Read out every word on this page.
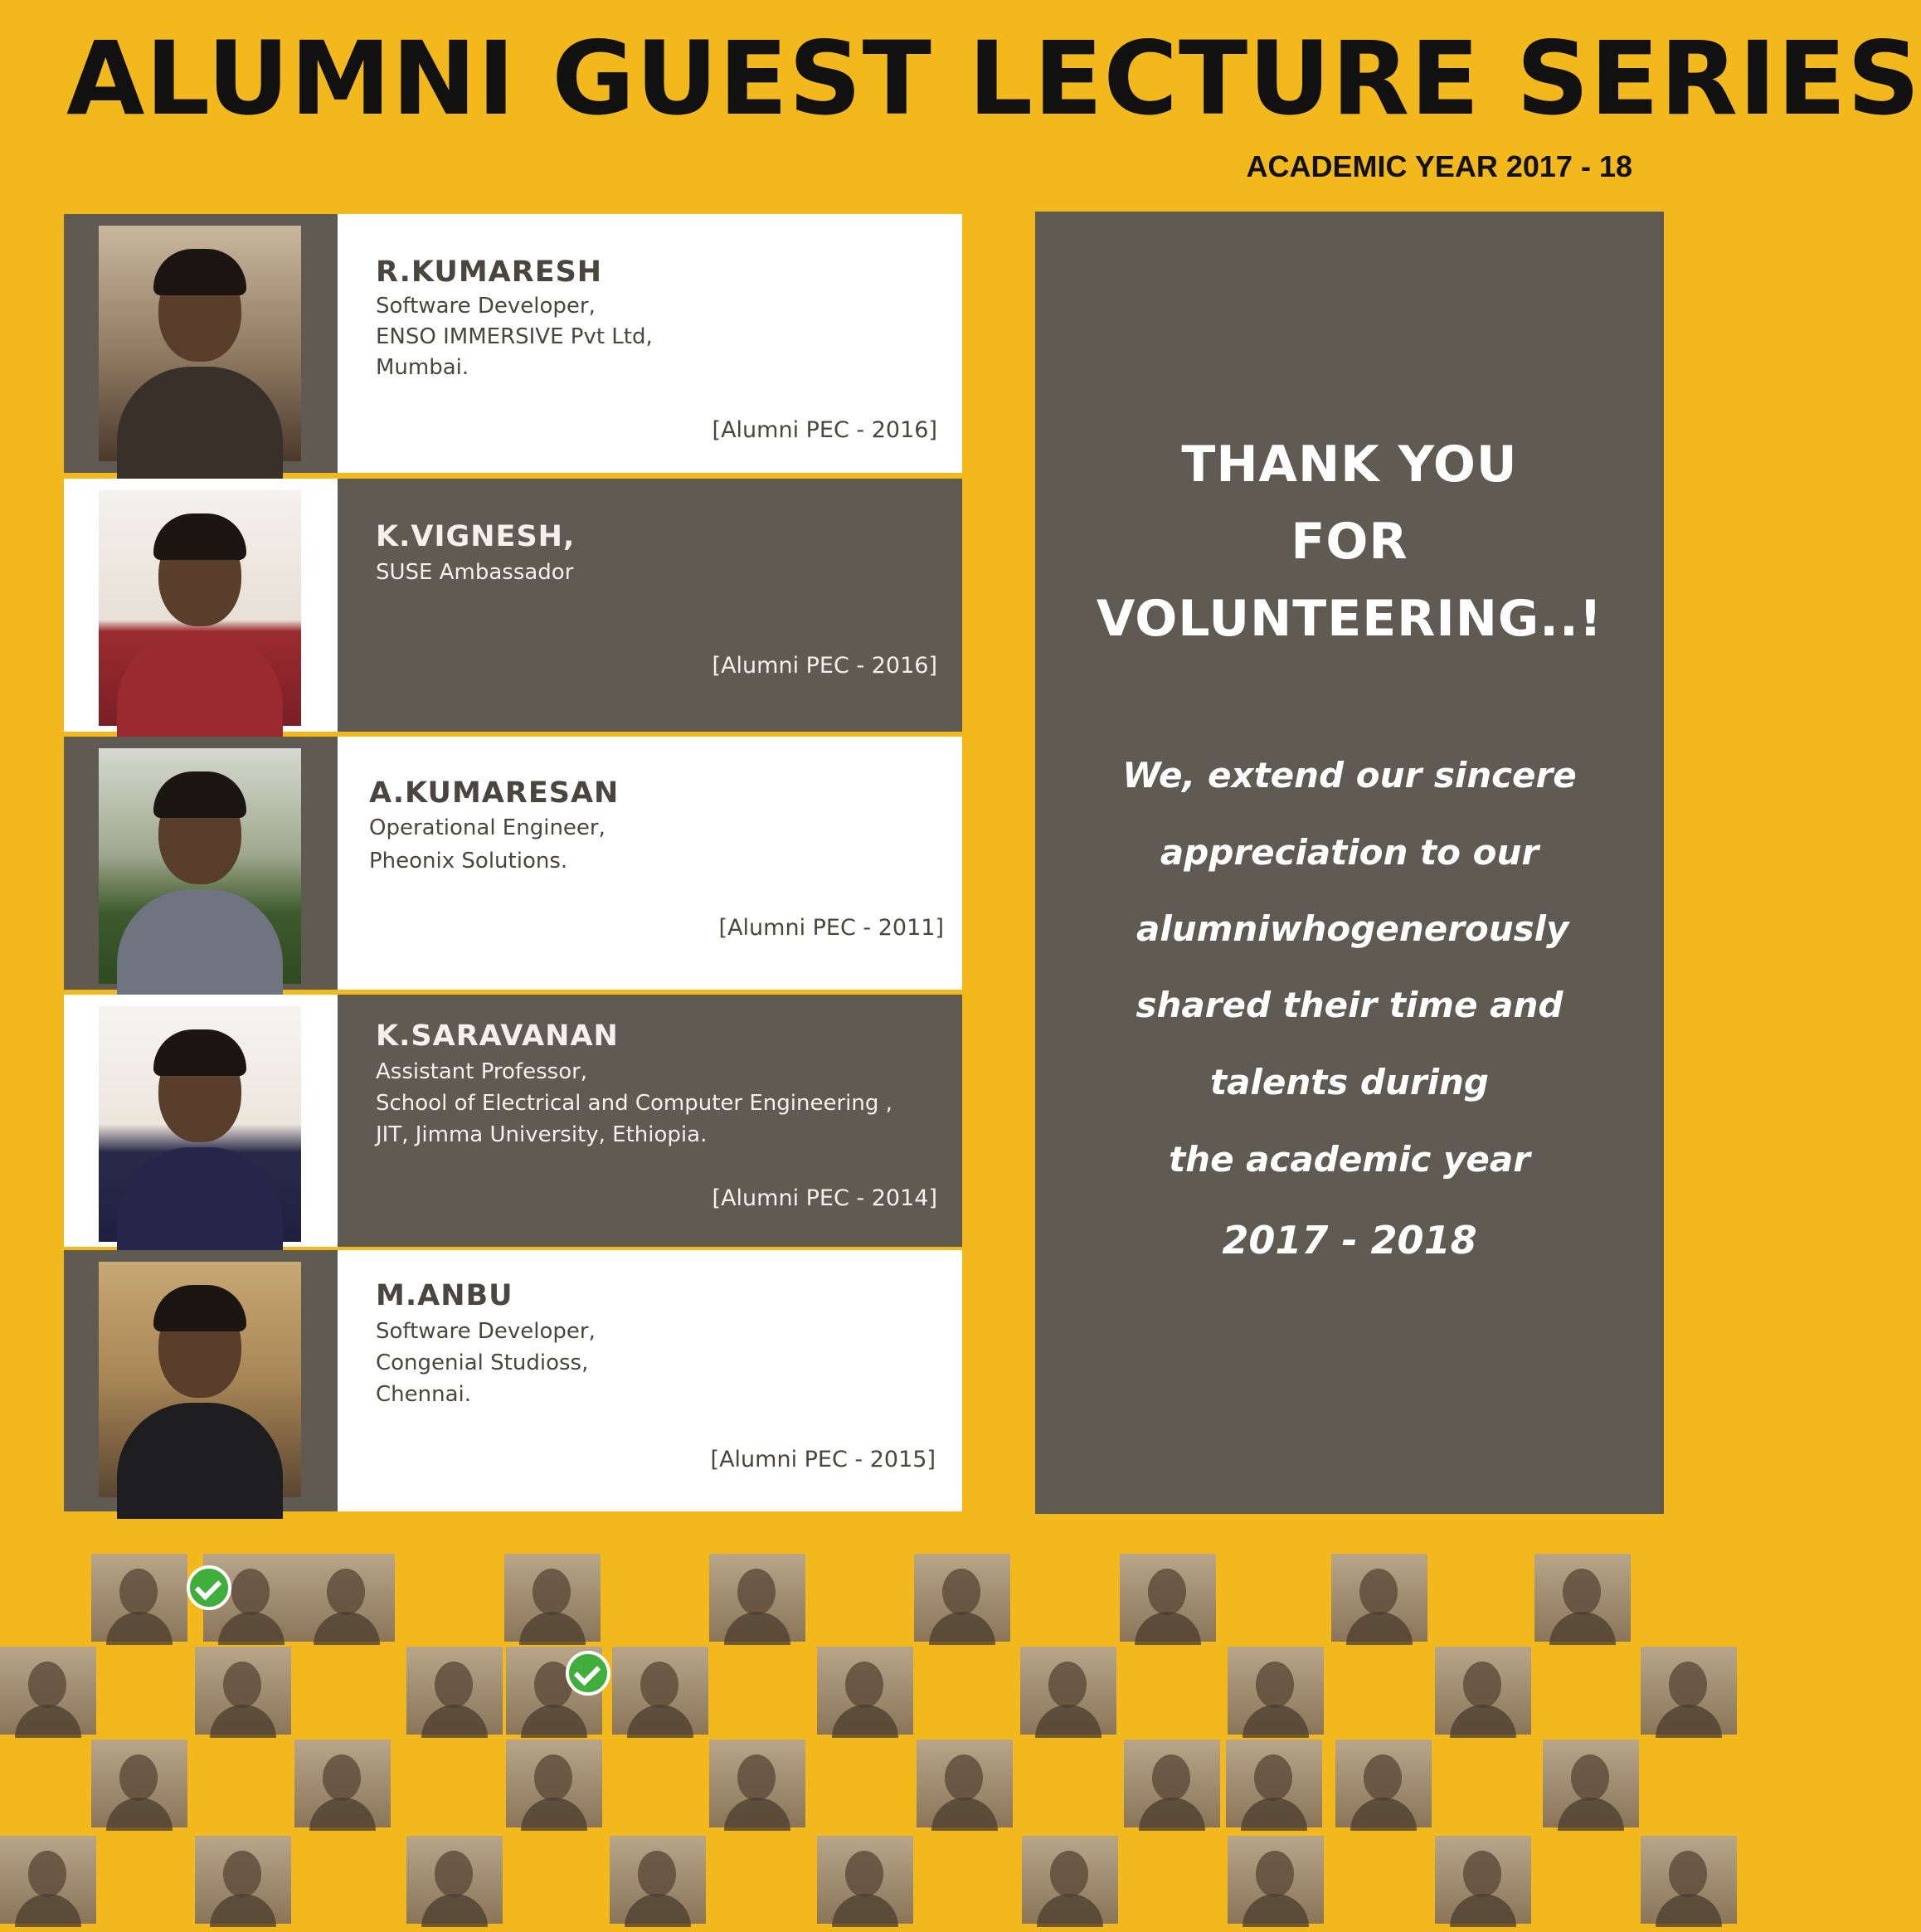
ALUMNI GUEST LECTURE SERIES
ACADEMIC YEAR 2017 - 18
R.KUMARESH
Software Developer,
ENSO IMMERSIVE Pvt Ltd,
Mumbai.
[Alumni PEC - 2016]
K.VIGNESH,
SUSE Ambassador
[Alumni PEC - 2016]
A.KUMARESAN
Operational Engineer,
Pheonix Solutions.
[Alumni PEC - 2011]
K.SARAVANAN
Assistant Professor,
School of Electrical and Computer Engineering ,
JIT, Jimma University, Ethiopia.
[Alumni PEC - 2014]
M.ANBU
Software Developer,
Congenial Studioss,
Chennai.
[Alumni PEC - 2015]
THANK YOU
FOR
VOLUNTEERING..!
We, extend our sincere
appreciation to our
alumni who generously
shared their time and
talents during
the academic year
2017 - 2018
